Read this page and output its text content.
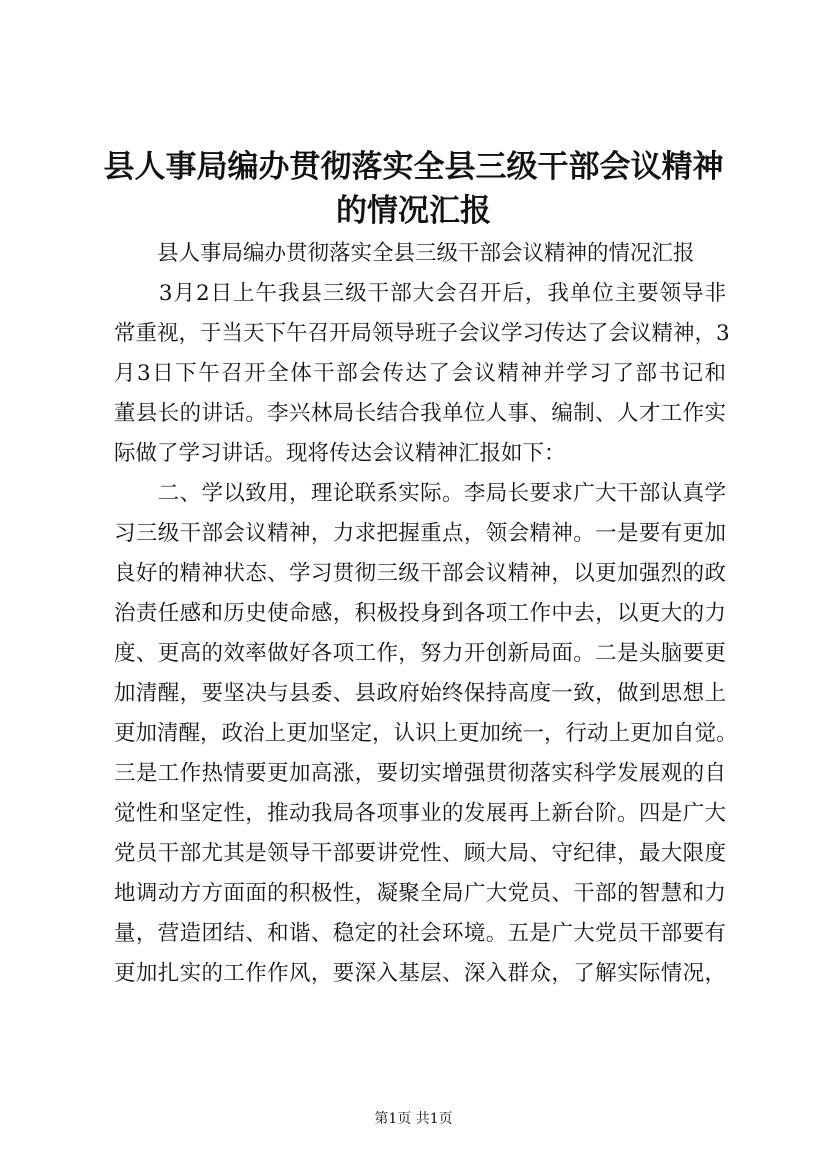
县人事局编办贯彻落实全县三级干部会议精神
的情况汇报
　　县人事局编办贯彻落实全县三级干部会议精神的情况汇报
　　3月2日上午我县三级干部大会召开后，我单位主要领导非
常重视，于当天下午召开局领导班子会议学习传达了会议精神，3
月3日下午召开全体干部会传达了会议精神并学习了部书记和
董县长的讲话。李兴林局长结合我单位人事、编制、人才工作实
际做了学习讲话。现将传达会议精神汇报如下：
　　二、学以致用，理论联系实际。李局长要求广大干部认真学
习三级干部会议精神，力求把握重点，领会精神。一是要有更加
良好的精神状态、学习贯彻三级干部会议精神，以更加强烈的政
治责任感和历史使命感，积极投身到各项工作中去，以更大的力
度、更高的效率做好各项工作，努力开创新局面。二是头脑要更
加清醒，要坚决与县委、县政府始终保持高度一致，做到思想上
更加清醒，政治上更加坚定，认识上更加统一，行动上更加自觉。
三是工作热情要更加高涨，要切实增强贯彻落实科学发展观的自
觉性和坚定性，推动我局各项事业的发展再上新台阶。四是广大
党员干部尤其是领导干部要讲党性、顾大局、守纪律，最大限度
地调动方方面面的积极性，凝聚全局广大党员、干部的智慧和力
量，营造团结、和谐、稳定的社会环境。五是广大党员干部要有
更加扎实的工作作风，要深入基层、深入群众，了解实际情况，
第1页 共1页
